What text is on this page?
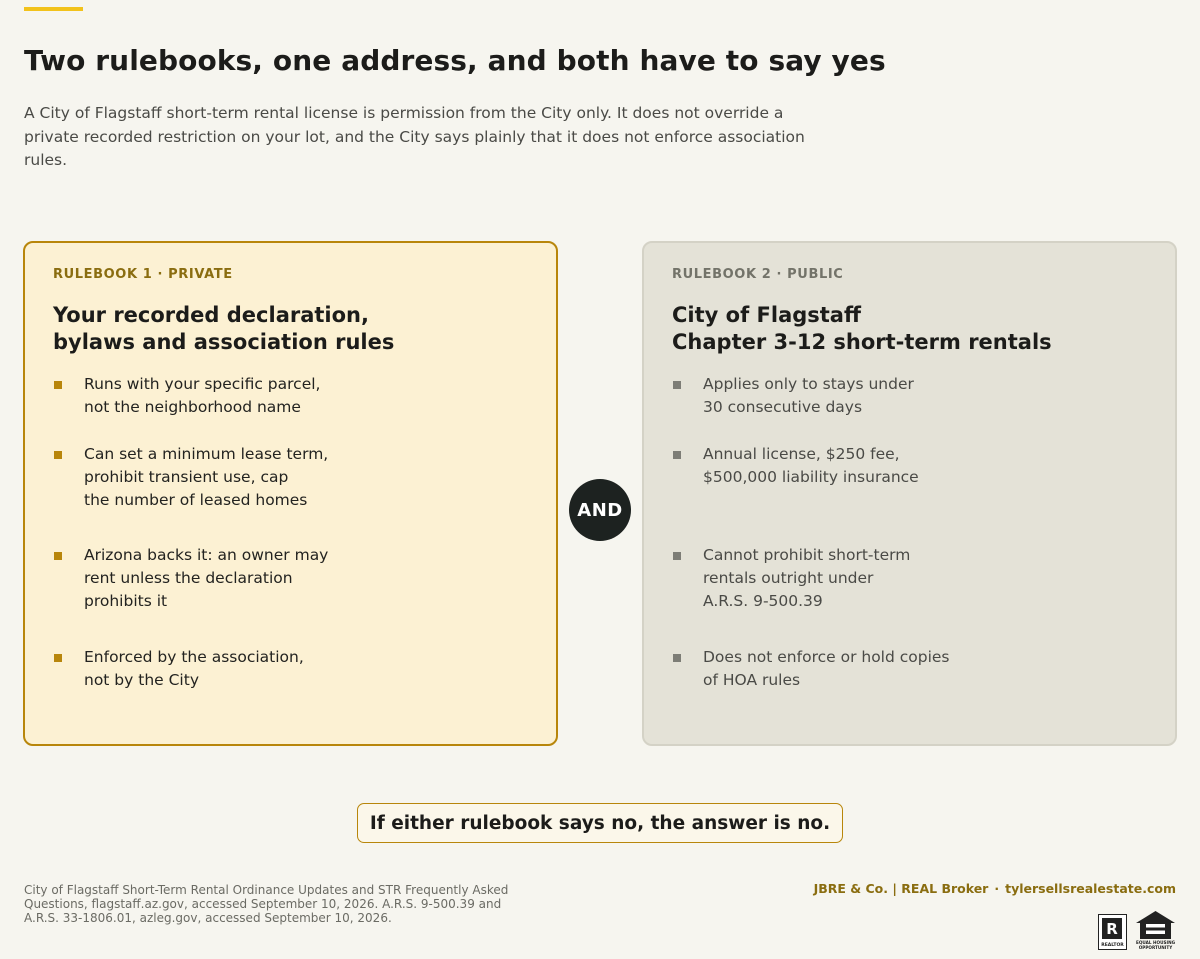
Two rulebooks, one address, and both have to say yes

A City of Flagstaff short-term rental license is permission from the City only. It does not override a private recorded restriction on your lot, and the City says plainly that it does not enforce association rules.

RULEBOOK 1 · PRIVATE
Your recorded declaration,
bylaws and association rules
Runs with your specific parcel,
not the neighborhood name
Can set a minimum lease term,
prohibit transient use, cap
the number of leased homes
Arizona backs it: an owner may
rent unless the declaration
prohibits it
Enforced by the association,
not by the City
AND
RULEBOOK 2 · PUBLIC
City of Flagstaff
Chapter 3-12 short-term rentals
Applies only to stays under
30 consecutive days
Annual license, $250 fee,
$500,000 liability insurance
Cannot prohibit short-term
rentals outright under
A.R.S. 9-500.39
Does not enforce or hold copies
of HOA rules
If either rulebook says no, the answer is no.

City of Flagstaff Short-Term Rental Ordinance Updates and STR Frequently Asked Questions, flagstaff.az.gov, accessed September 10, 2026. A.R.S. 9-500.39 and A.R.S. 33-1806.01, azleg.gov, accessed September 10, 2026.

JBRE & Co. | REAL Broker · tylersellsrealestate.com
R
REALTOR
EQUAL HOUSING OPPORTUNITY
